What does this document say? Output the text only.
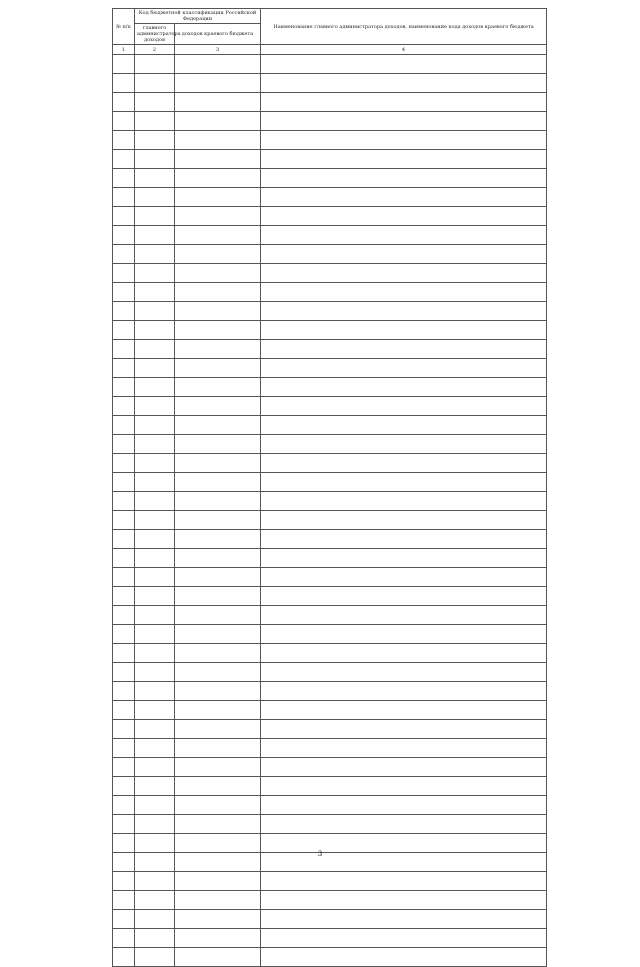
№ п/п	Код бюджетной классификации Российской Федерации		Наименование главного администратора доходов, наименование кода доходов краевого бюджета
	главного администратора доходов	доходов краевого бюджета	
1	2	3	4

3
